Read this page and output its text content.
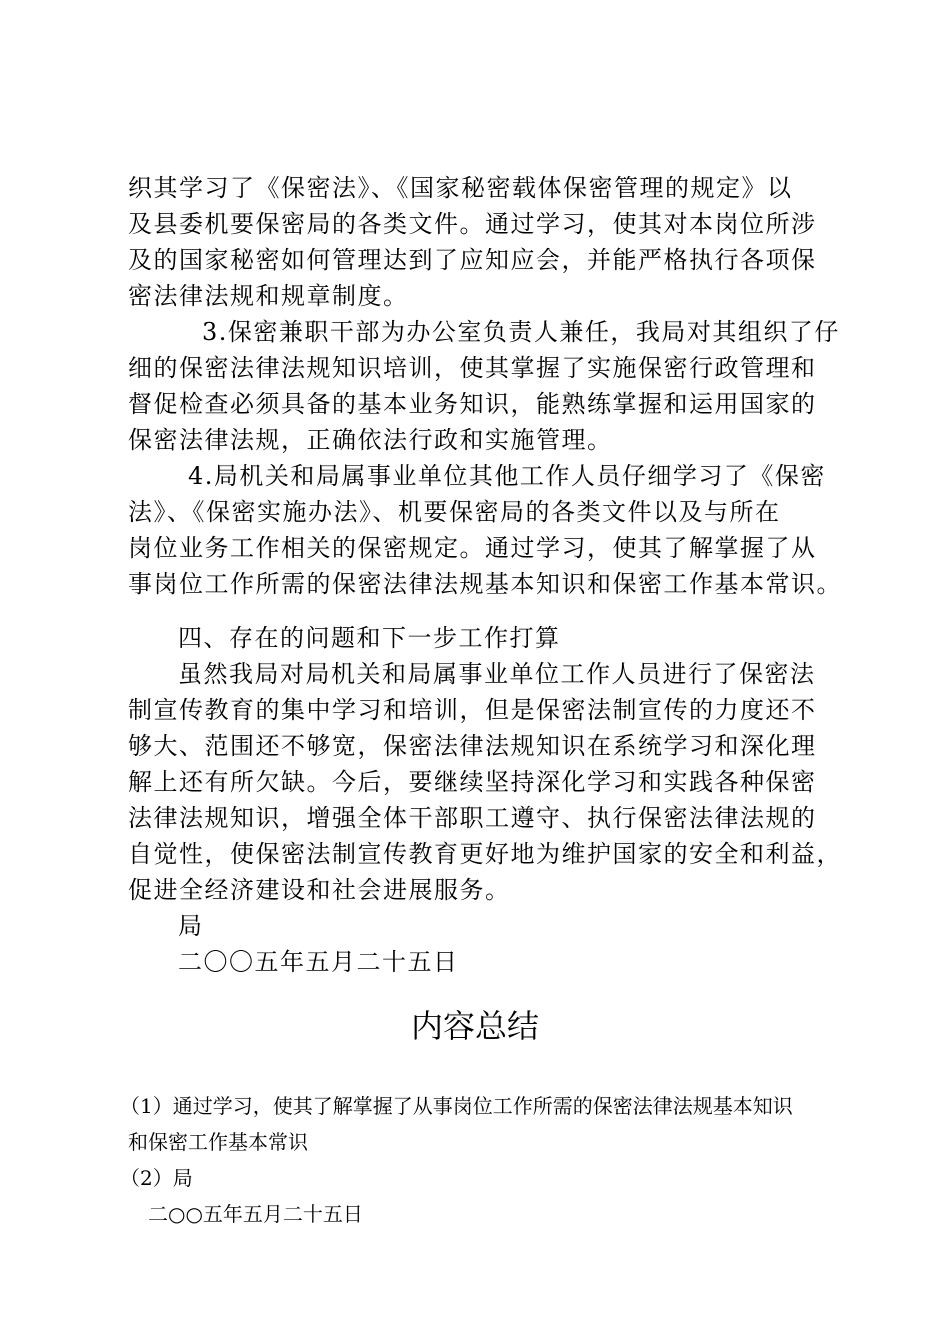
织其学习了《保密法》、《国家秘密载体保密管理的规定》以
及县委机要保密局的各类文件。通过学习，使其对本岗位所涉
及的国家秘密如何管理达到了应知应会，并能严格执行各项保
密法律法规和规章制度。
3.保密兼职干部为办公室负责人兼任，我局对其组织了仔
细的保密法律法规知识培训，使其掌握了实施保密行政管理和
督促检查必须具备的基本业务知识，能熟练掌握和运用国家的
保密法律法规，正确依法行政和实施管理。
4.局机关和局属事业单位其他工作人员仔细学习了《保密
法》、《保密实施办法》、机要保密局的各类文件以及与所在
岗位业务工作相关的保密规定。通过学习，使其了解掌握了从
事岗位工作所需的保密法律法规基本知识和保密工作基本常识。
四、存在的问题和下一步工作打算
虽然我局对局机关和局属事业单位工作人员进行了保密法
制宣传教育的集中学习和培训，但是保密法制宣传的力度还不
够大、范围还不够宽，保密法律法规知识在系统学习和深化理
解上还有所欠缺。今后，要继续坚持深化学习和实践各种保密
法律法规知识，增强全体干部职工遵守、执行保密法律法规的
自觉性，使保密法制宣传教育更好地为维护国家的安全和利益，
促进全经济建设和社会进展服务。
局
二〇〇五年五月二十五日
内容总结
（1）通过学习，使其了解掌握了从事岗位工作所需的保密法律法规基本知识
和保密工作基本常识
（2）局
二○○五年五月二十五日
